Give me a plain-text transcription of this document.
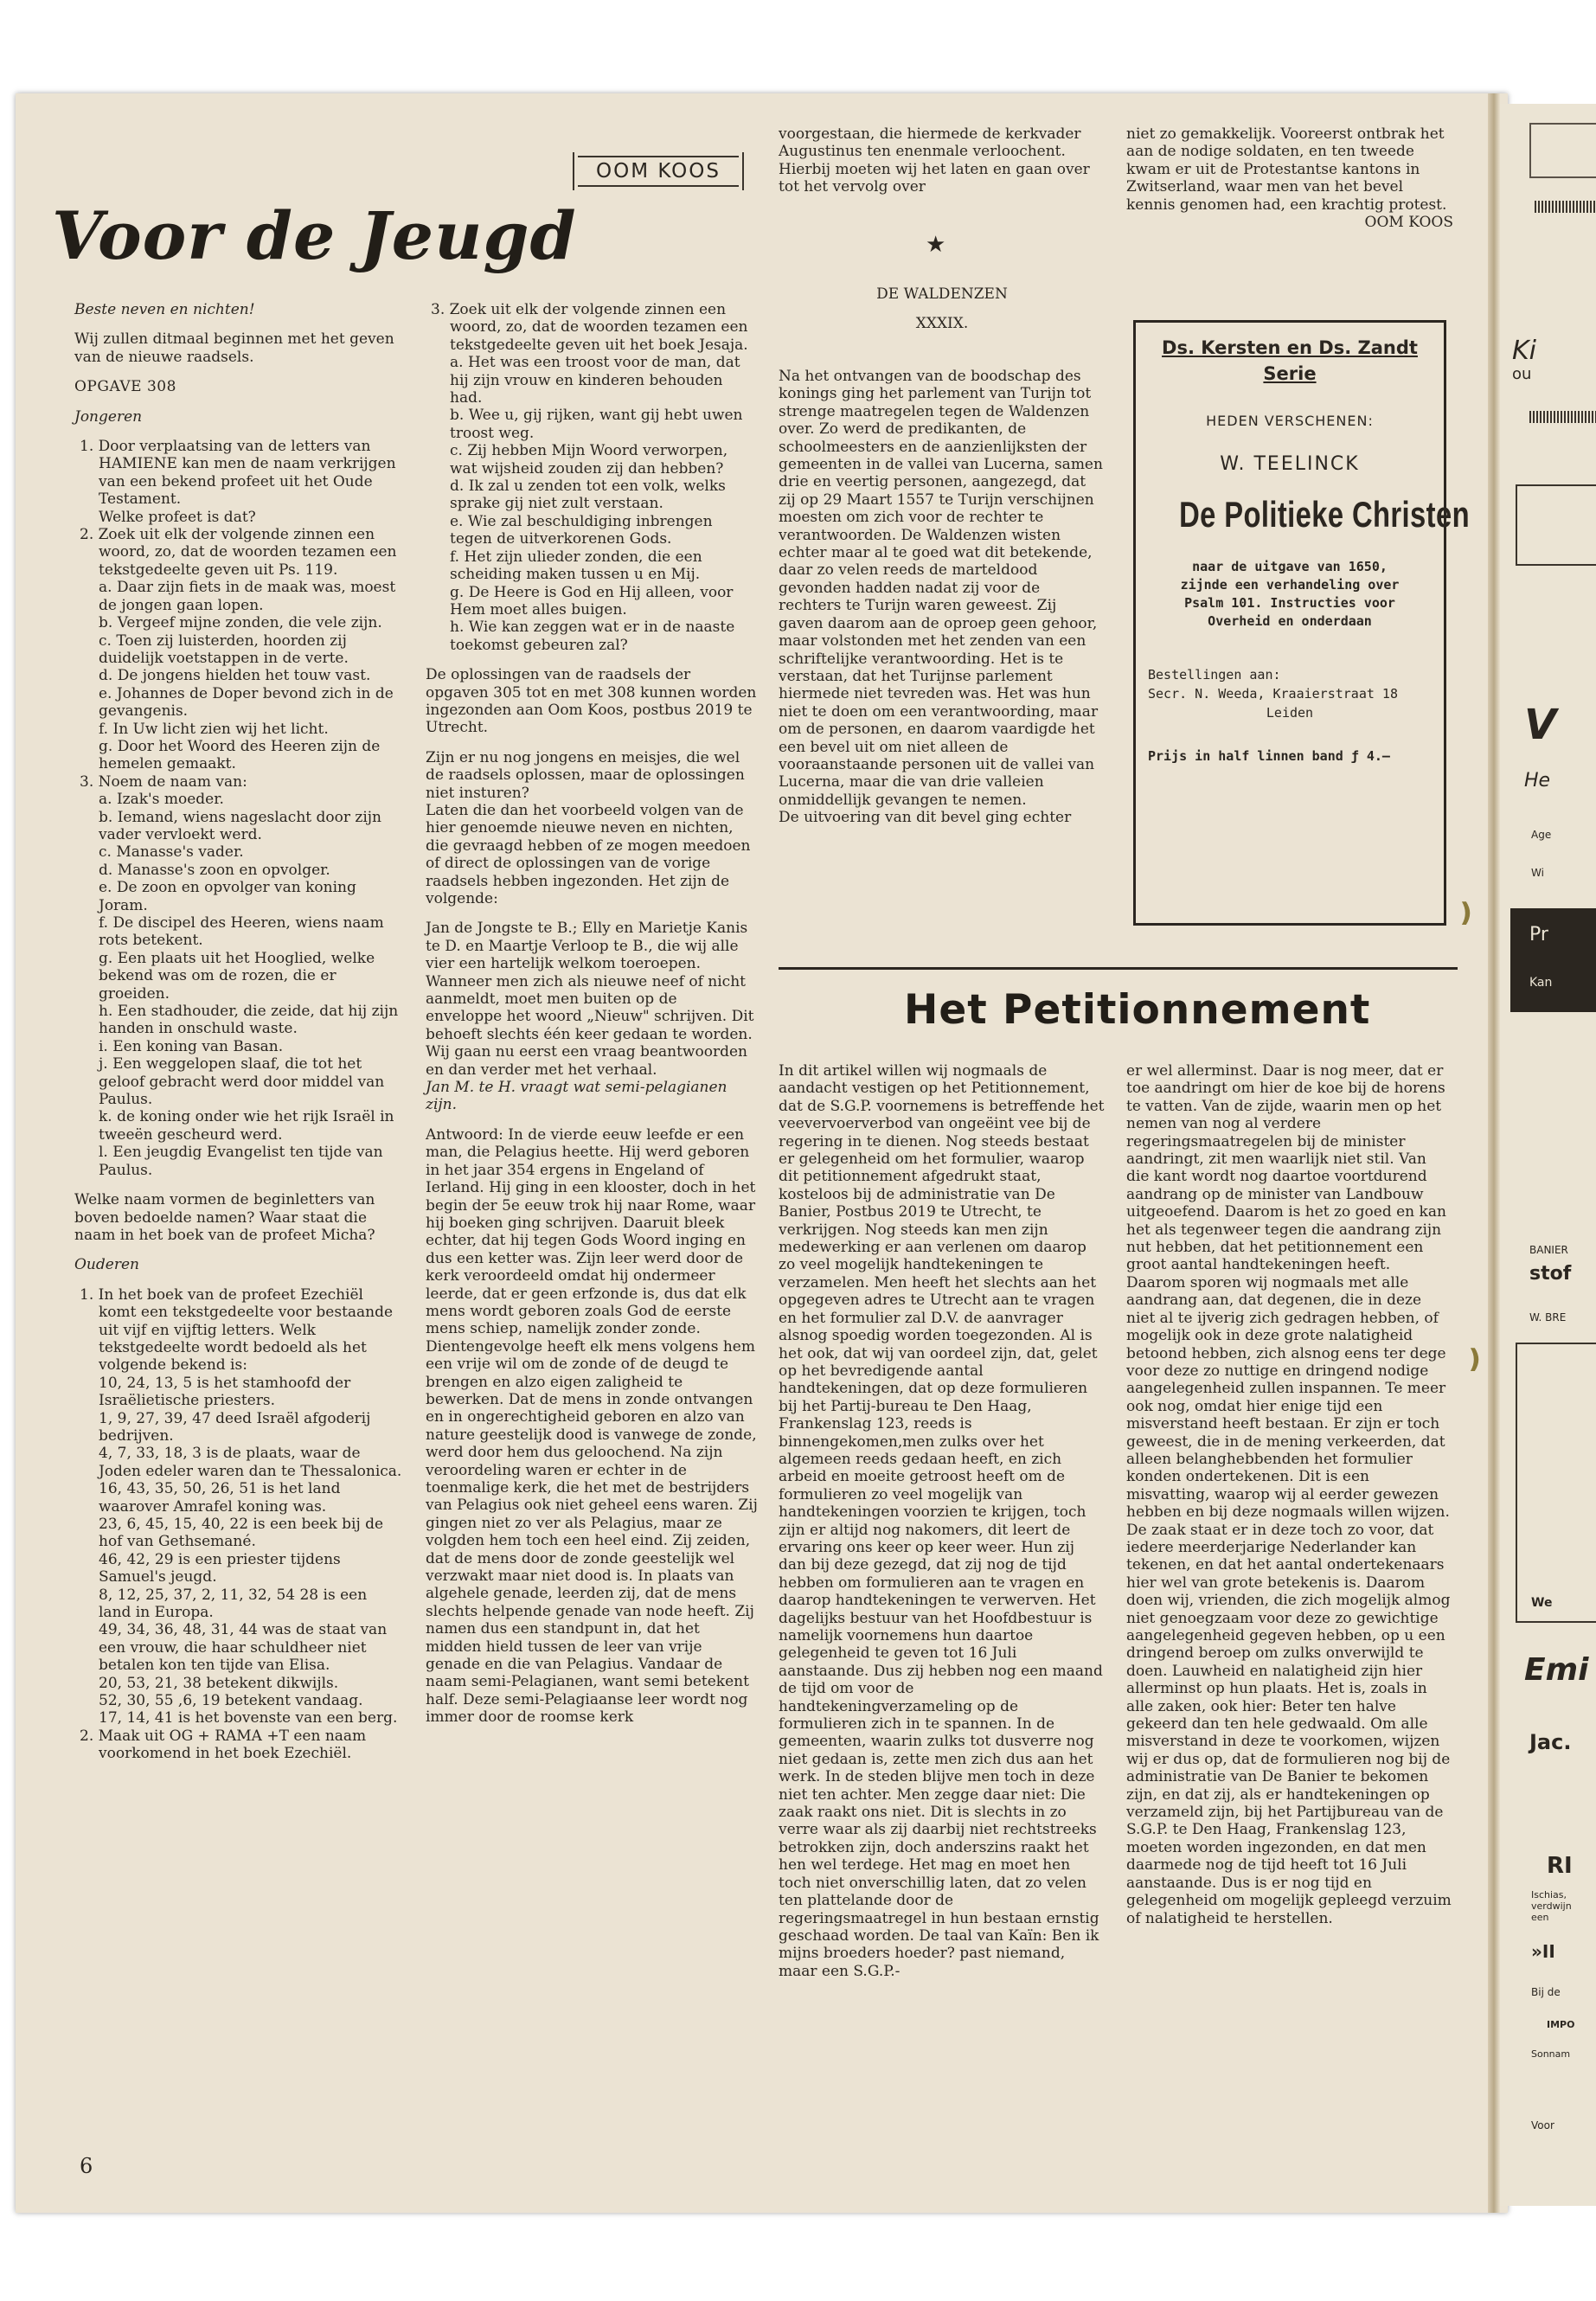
Voor de Jeugd
OOM KOOS

Beste neven en nichten!

Wij zullen ditmaal beginnen met het geven van de nieuwe raadsels.

OPGAVE 308

Jongeren

1. Door verplaatsing van de letters van HAMIENE kan men de naam verkrijgen van een bekend profeet uit het Oude Testament.

Welke profeet is dat?

2. Zoek uit elk der volgende zinnen een woord, zo, dat de woorden tezamen een tekstgedeelte geven uit Ps. 119.

a. Daar zijn fiets in de maak was, moest de jongen gaan lopen.

b. Vergeef mijne zonden, die vele zijn.

c. Toen zij luisterden, hoorden zij duidelijk voetstappen in de verte.

d. De jongens hielden het touw vast.

e. Johannes de Doper bevond zich in de gevangenis.

f. In Uw licht zien wij het licht.

g. Door het Woord des Heeren zijn de hemelen gemaakt.

3. Noem de naam van:

a. Izak's moeder.

b. Iemand, wiens nageslacht door zijn vader vervloekt werd.

c. Manasse's vader.

d. Manasse's zoon en opvolger.

e. De zoon en opvolger van koning Joram.

f. De discipel des Heeren, wiens naam rots betekent.

g. Een plaats uit het Hooglied, welke bekend was om de rozen, die er groeiden.

h. Een stadhouder, die zeide, dat hij zijn handen in onschuld waste.

i. Een koning van Basan.

j. Een weggelopen slaaf, die tot het geloof gebracht werd door middel van Paulus.

k. de koning onder wie het rijk Israël in tweeën gescheurd werd.

l. Een jeugdig Evangelist ten tijde van Paulus.

Welke naam vormen de beginletters van boven bedoelde namen? Waar staat die naam in het boek van de profeet Micha?

Ouderen

1. In het boek van de profeet Ezechiël komt een tekstgedeelte voor bestaande uit vijf en vijftig letters. Welk tekstgedeelte wordt bedoeld als het volgende bekend is:

10, 24, 13, 5 is het stamhoofd der Israëlietische priesters.

1, 9, 27, 39, 47 deed Israël afgoderij bedrijven.

4, 7, 33, 18, 3 is de plaats, waar de Joden edeler waren dan te Thessalonica.

16, 43, 35, 50, 26, 51 is het land waarover Amrafel koning was.

23, 6, 45, 15, 40, 22 is een beek bij de hof van Gethsemané.

46, 42, 29 is een priester tijdens Samuel's jeugd.

8, 12, 25, 37, 2, 11, 32, 54 28 is een land in Europa.

49, 34, 36, 48, 31, 44 was de staat van een vrouw, die haar schuldheer niet betalen kon ten tijde van Elisa.

20, 53, 21, 38 betekent dikwijls.

52, 30, 55 ,6, 19 betekent vandaag.

17, 14, 41 is het bovenste van een berg.

2. Maak uit OG + RAMA +T een naam voorkomend in het boek Ezechiël.

3. Zoek uit elk der volgende zinnen een woord, zo, dat de woorden tezamen een tekstgedeelte geven uit het boek Jesaja.

a. Het was een troost voor de man, dat hij zijn vrouw en kinderen behouden had.

b. Wee u, gij rijken, want gij hebt uwen troost weg.

c. Zij hebben Mijn Woord verworpen, wat wijsheid zouden zij dan hebben?

d. Ik zal u zenden tot een volk, welks sprake gij niet zult verstaan.

e. Wie zal beschuldiging inbrengen tegen de uitverkorenen Gods.

f. Het zijn ulieder zonden, die een scheiding maken tussen u en Mij.

g. De Heere is God en Hij alleen, voor Hem moet alles buigen.

h. Wie kan zeggen wat er in de naaste toekomst gebeuren zal?

De oplossingen van de raadsels der opgaven 305 tot en met 308 kunnen worden ingezonden aan Oom Koos, postbus 2019 te Utrecht.

Zijn er nu nog jongens en meisjes, die wel de raadsels oplossen, maar de oplossingen niet insturen?

Laten die dan het voorbeeld volgen van de hier genoemde nieuwe neven en nichten, die gevraagd hebben of ze mogen meedoen of direct de oplossingen van de vorige raadsels hebben ingezonden. Het zijn de volgende:

Jan de Jongste te B.; Elly en Marietje Kanis te D. en Maartje Verloop te B., die wij alle vier een hartelijk welkom toeroepen.

Wanneer men zich als nieuwe neef of nicht aanmeldt, moet men buiten op de enveloppe het woord „Nieuw" schrijven. Dit behoeft slechts één keer gedaan te worden.

Wij gaan nu eerst een vraag beantwoorden en dan verder met het verhaal.

Jan M. te H. vraagt wat semi-pelagianen zijn.

Antwoord: In de vierde eeuw leefde er een man, die Pelagius heette. Hij werd geboren in het jaar 354 ergens in Engeland of Ierland. Hij ging in een klooster, doch in het begin der 5e eeuw trok hij naar Rome, waar hij boeken ging schrijven. Daaruit bleek echter, dat hij tegen Gods Woord inging en dus een ketter was. Zijn leer werd door de kerk veroordeeld omdat hij ondermeer leerde, dat er geen erfzonde is, dus dat elk mens wordt geboren zoals God de eerste mens schiep, namelijk zonder zonde. Dientengevolge heeft elk mens volgens hem een vrije wil om de zonde of de deugd te brengen en alzo eigen zaligheid te bewerken. Dat de mens in zonde ontvangen en in ongerechtigheid geboren en alzo van nature geestelijk dood is vanwege de zonde, werd door hem dus geloochend. Na zijn veroordeling waren er echter in de toenmalige kerk, die het met de bestrijders van Pelagius ook niet geheel eens waren. Zij gingen niet zo ver als Pelagius, maar ze volgden hem toch een heel eind. Zij zeiden, dat de mens door de zonde geestelijk wel verzwakt maar niet dood is. In plaats van algehele genade, leerden zij, dat de mens slechts helpende genade van node heeft. Zij namen dus een standpunt in, dat het midden hield tussen de leer van vrije genade en die van Pelagius. Vandaar de naam semi-Pelagianen, want semi betekent half. Deze semi-Pelagiaanse leer wordt nog immer door de roomse kerk

voorgestaan, die hiermede de kerkvader Augustinus ten enenmale verloochent. Hierbij moeten wij het laten en gaan over tot het vervolg over

★

DE WALDENZEN

XXXIX.

Na het ontvangen van de boodschap des konings ging het parlement van Turijn tot strenge maatregelen tegen de Waldenzen over. Zo werd de predikanten, de schoolmeesters en de aanzienlijksten der gemeenten in de vallei van Lucerna, samen drie en veertig personen, aangezegd, dat zij op 29 Maart 1557 te Turijn verschijnen moesten om zich voor de rechter te verantwoorden. De Waldenzen wisten echter maar al te goed wat dit betekende, daar zo velen reeds de marteldood gevonden hadden nadat zij voor de rechters te Turijn waren geweest. Zij gaven daarom aan de oproep geen gehoor, maar volstonden met het zenden van een schriftelijke verantwoording. Het is te verstaan, dat het Turijnse parlement hiermede niet tevreden was. Het was hun niet te doen om een verantwoording, maar om de personen, en daarom vaardigde het een bevel uit om niet alleen de vooraanstaande personen uit de vallei van Lucerna, maar die van drie valleien onmiddellijk gevangen te nemen.

De uitvoering van dit bevel ging echter

niet zo gemakkelijk. Vooreerst ontbrak het aan de nodige soldaten, en ten tweede kwam er uit de Protestantse kantons in Zwitserland, waar men van het bevel kennis genomen had, een krachtig protest.

OOM KOOS

Ds. Kersten en Ds. Zandt Serie
HEDEN VERSCHENEN:
W. TEELINCK
De Politieke Christen
naar de uitgave van 1650, zijnde een verhandeling over Psalm 101. Instructies voor Overheid en onderdaan
Bestellingen aan:
Secr. N. Weeda, Kraaierstraat 18
Leiden
Prijs in half linnen band ƒ 4.—
❫
❫
Het Petitionnement

In dit artikel willen wij nogmaals de aandacht vestigen op het Petitionnement, dat de S.G.P. voornemens is betreffende het veevervoerverbod van ongeëint vee bij de regering in te dienen. Nog steeds bestaat er gelegenheid om het formulier, waarop dit petitionnement afgedrukt staat, kosteloos bij de administratie van De Banier, Postbus 2019 te Utrecht, te verkrijgen. Nog steeds kan men zijn medewerking er aan verlenen om daarop zo veel mogelijk handtekeningen te verzamelen. Men heeft het slechts aan het opgegeven adres te Utrecht aan te vragen en het formulier zal D.V. de aanvrager alsnog spoedig worden toegezonden. Al is het ook, dat wij van oordeel zijn, dat, gelet op het bevredigende aantal handtekeningen, dat op deze formulieren bij het Partij-bureau te Den Haag, Frankenslag 123, reeds is binnengekomen,men zulks over het algemeen reeds gedaan heeft, en zich arbeid en moeite getroost heeft om de formulieren zo veel mogelijk van handtekeningen voorzien te krijgen, toch zijn er altijd nog nakomers, dit leert de ervaring ons keer op keer weer. Hun zij dan bij deze gezegd, dat zij nog de tijd hebben om formulieren aan te vragen en daarop handtekeningen te verwerven. Het dagelijks bestuur van het Hoofdbestuur is namelijk voornemens hun daartoe gelegenheid te geven tot 16 Juli aanstaande. Dus zij hebben nog een maand de tijd om voor de handtekeningverzameling op de formulieren zich in te spannen. In de gemeenten, waarin zulks tot dusverre nog niet gedaan is, zette men zich dus aan het werk. In de steden blijve men toch in deze niet ten achter. Men zegge daar niet: Die zaak raakt ons niet. Dit is slechts in zo verre waar als zij daarbij niet rechtstreeks betrokken zijn, doch anderszins raakt het hen wel terdege. Het mag en moet hen toch niet onverschillig laten, dat zo velen ten plattelande door de regeringsmaatregel in hun bestaan ernstig geschaad worden. De taal van Kaïn: Ben ik mijns broeders hoeder? past niemand, maar een S.G.P.-

er wel allerminst. Daar is nog meer, dat er toe aandringt om hier de koe bij de horens te vatten. Van de zijde, waarin men op het nemen van nog al verdere regeringsmaatregelen bij de minister aandringt, zit men waarlijk niet stil. Van die kant wordt nog daartoe voortdurend aandrang op de minister van Landbouw uitgeoefend. Daarom is het zo goed en kan het als tegenweer tegen die aandrang zijn nut hebben, dat het petitionnement een groot aantal handtekeningen heeft. Daarom sporen wij nogmaals met alle aandrang aan, dat degenen, die in deze niet al te ijverig zich gedragen hebben, of mogelijk ook in deze grote nalatigheid betoond hebben, zich alsnog eens ter dege voor deze zo nuttige en dringend nodige aangelegenheid zullen inspannen. Te meer ook nog, omdat hier enige tijd een misverstand heeft bestaan. Er zijn er toch geweest, die in de mening verkeerden, dat alleen belanghebbenden het formulier konden ondertekenen. Dit is een misvatting, waarop wij al eerder gewezen hebben en bij deze nogmaals willen wijzen. De zaak staat er in deze toch zo voor, dat iedere meerderjarige Nederlander kan tekenen, en dat het aantal ondertekenaars hier wel van grote betekenis is. Daarom doen wij, vrienden, die zich mogelijk almog niet genoegzaam voor deze zo gewichtige aangelegenheid gegeven hebben, op u een dringend beroep om zulks onverwijld te doen. Lauwheid en nalatigheid zijn hier allerminst op hun plaats. Het is, zoals in alle zaken, ook hier: Beter ten halve gekeerd dan ten hele gedwaald. Om alle misverstand in deze te voorkomen, wijzen wij er dus op, dat de formulieren nog bij de administratie van De Banier te bekomen zijn, en dat zij, als er handtekeningen op verzameld zijn, bij het Partijbureau van de S.G.P. te Den Haag, Frankenslag 123, moeten worden ingezonden, en dat men daarmede nog de tijd heeft tot 16 Juli aanstaande. Dus is er nog tijd en gelegenheid om mogelijk gepleegd verzuim of nalatigheid te herstellen.

6
Ki
ou
V
He
Age
Wi
Pr
Kan
BANIER
stof
W. BRE
We
Emi
Jac.
RI
Ischias, verdwijn een
»II
Bij de
IMPO
Sonnam
Voor
